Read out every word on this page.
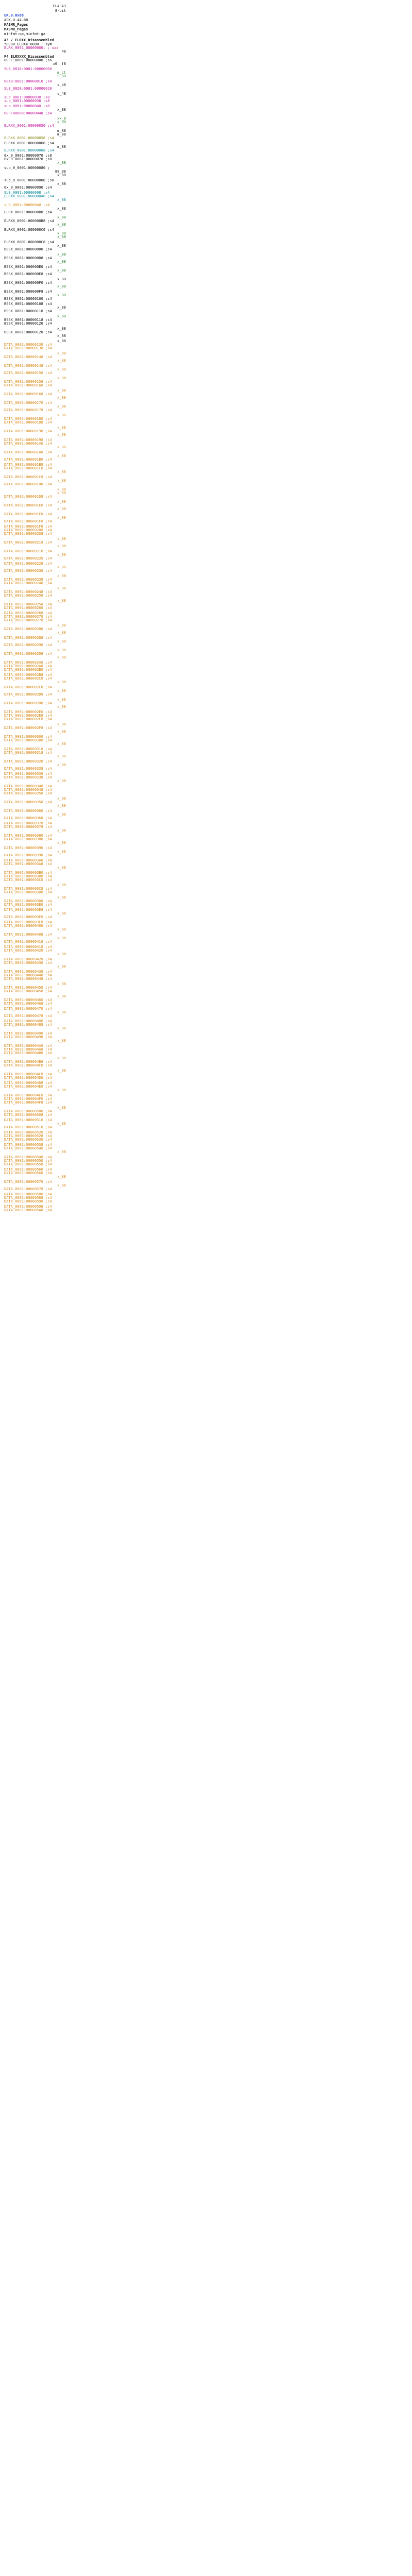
ELA-A3
8-bit
EK.0.0x88
ACK.U.44.88
MASMR_Pages
MASMR_Pages
minfmt:op,minfmt:ga
A3 / ELRXX_Disassembled
*0000_ELRXX:0000 ; sym
ELRX_0001_00000000: ; xxx
48
F4 ELRXXXX_Disassembled
00FF:0001:00000000 ;s6
x0  f8
SUB_0010:0001:00000000
m_ct
S_88
00A0:0001:00000010 ;s4
s_48
SUB_0020:0001:00000020
s_48
sub_0001:00000030 ;s8
sub_0001:00000038 ;s8
sub_0001:00000040 ;s8
x_88
00FF00000:00000048 ;s4
xx_8
x_88
ELRXX_0001:00000050 ;s4
m_88
m_88
ELRXX_0001:00000058 ;s4
ELRXX_0001:00000060 ;s4
m_88
ELRXX_0001:00000068 ;s4
0x_0_0001:00000070 ;s8
0x_0_0001:00000078 ;s8
x_88
sub_0_0001:00000080 ;
88_88
x_88
sub_0_0001:00000088 ;s8
x_88
0x_0_0001:00000090 ;s4
SUB_0001:00000098 ;s4
ELRXX_0001:000000A0 ;s4
x_88
s_0_0001:000000A8 ;s4
x_88
ELRX_0001:000000B0 ;s4
x_88
ELRXX_0001:000000B8 ;s4
x_88
ELRXX_0001:000000C0 ;s4
x_88
x_88
ELRXX_0001:000000C8 ;s4
x_88
BSSX_0001:000000D0 ;s4
x_88
BSSX_0001:000000D8 ;s4
x_88
BSSX_0001:000000E0 ;s4
x_88
BSSX_0001:000000E8 ;s4
x_88
BSSX_0001:000000F0 ;s4
x_88
BSSX_0001:000000F8 ;s4
x_88
BSSX_0001:00000100 ;s4
BSSX_0001:00000108 ;s4
x_88
BSSX_0001:00000110 ;s4
x_88
BSSX_0001:00000118 ;s4
BSSX_0001:00000120 ;s4
x_88
BSSX_0001:00000128 ;s4
x_88
x_88
DATA_0001:00000130 ;s4
DATA_0001:00000138 ;s4
x_88
DATA_0001:00000140 ;s4
x_88
DATA_0001:00000148 ;s4
x_88
DATA_0001:00000150 ;s4
x_88
DATA_0001:00000158 ;s4
DATA_0001:00000160 ;s4
x_88
DATA_0001:00000168 ;s4
x_88
DATA_0001:00000170 ;s4
x_88
DATA_0001:00000178 ;s4
x_88
DATA_0001:00000180 ;s4
DATA_0001:00000188 ;s4
x_88
DATA_0001:00000190 ;s4
x_88
DATA_0001:00000198 ;s4
DATA_0001:000001A0 ;s4
x_88
DATA_0001:000001A8 ;s4
x_88
DATA_0001:000001B0 ;s4
DATA_0001:000001B8 ;s4
DATA_0001:000001C0 ;s4
x_88
DATA_0001:000001C8 ;s4
x_88
DATA_0001:000001D0 ;s4
x_88
x_88
DATA_0001:000001D8 ;s4
x_88
DATA_0001:000001E0 ;s4
x_88
DATA_0001:000001E8 ;s4
x_88
DATA_0001:000001F0 ;s4
DATA_0001:000001F8 ;s4
DATA_0001:00000200 ;s4
DATA_0001:00000208 ;s4
x_88
DATA_0001:00000210 ;s4
x_88
DATA_0001:00000218 ;s4
x_88
DATA_0001:00000220 ;s4
DATA_0001:00000228 ;s4
x_88
DATA_0001:00000230 ;s4
x_88
DATA_0001:00000238 ;s4
DATA_0001:00000240 ;s4
x_88
DATA_0001:00000248 ;s4
DATA_0001:00000250 ;s4
x_88
DATA_0001:00000258 ;s4
DATA_0001:00000260 ;s4
DATA_0001:00000268 ;s4
DATA_0001:00000270 ;s4
DATA_0001:00000278 ;s4
x_88
DATA_0001:00000280 ;s4
x_88
DATA_0001:00000288 ;s4
x_88
DATA_0001:00000290 ;s4
x_88
DATA_0001:00000298 ;s4
x_88
DATA_0001:000002A0 ;s4
DATA_0001:000002A8 ;s4
DATA_0001:000002B0 ;s4
DATA_0001:000002B8 ;s4
DATA_0001:000002C0 ;s4
x_88
DATA_0001:000002C8 ;s4
x_88
DATA_0001:000002D0 ;s4
x_88
DATA_0001:000002D8 ;s4
x_88
DATA_0001:000002E0 ;s4
DATA_0001:000002E8 ;s4
DATA_0001:000002F0 ;s4
x_88
DATA_0001:000002F8 ;s4
x_88
DATA_0001:00000300 ;s4
DATA_0001:00000308 ;s4
x_88
DATA_0001:00000310 ;s4
DATA_0001:00000318 ;s4
x_88
DATA_0001:00000320 ;s4
x_88
DATA_0001:00000328 ;s4
DATA_0001:00000330 ;s4
DATA_0001:00000338 ;s4
x_88
DATA_0001:00000340 ;s4
DATA_0001:00000348 ;s4
DATA_0001:00000350 ;s4
x_88
DATA_0001:00000358 ;s4
x_88
DATA_0001:00000360 ;s4
x_88
DATA_0001:00000368 ;s4
DATA_0001:00000370 ;s4
DATA_0001:00000378 ;s4
x_88
DATA_0001:00000380 ;s4
DATA_0001:00000388 ;s4
x_88
DATA_0001:00000390 ;s4
x_88
DATA_0001:00000398 ;s4
DATA_0001:000003A0 ;s4
DATA_0001:000003A8 ;s4
x_88
DATA_0001:000003B0 ;s4
DATA_0001:000003B8 ;s4
DATA_0001:000003C0 ;s4
x_88
DATA_0001:000003C8 ;s4
DATA_0001:000003D0 ;s4
x_88
DATA_0001:000003D8 ;s4
DATA_0001:000003E0 ;s4
DATA_0001:000003E8 ;s4
x_88
DATA_0001:000003F0 ;s4
DATA_0001:000003F8 ;s4
DATA_0001:00000400 ;s4
x_88
DATA_0001:00000408 ;s4
x_88
DATA_0001:00000410 ;s4
DATA_0001:00000418 ;s4
DATA_0001:00000420 ;s4
x_88
DATA_0001:00000428 ;s4
DATA_0001:00000430 ;s4
x_88
DATA_0001:00000438 ;s4
DATA_0001:00000440 ;s4
DATA_0001:00000448 ;s4
x_88
DATA_0001:00000450 ;s4
DATA_0001:00000458 ;s4
x_88
DATA_0001:00000460 ;s4
DATA_0001:00000468 ;s4
DATA_0001:00000470 ;s4
x_88
DATA_0001:00000478 ;s4
DATA_0001:00000480 ;s4
DATA_0001:00000488 ;s4
x_88
DATA_0001:00000490 ;s4
DATA_0001:00000498 ;s4
x_88
DATA_0001:000004A0 ;s4
DATA_0001:000004A8 ;s4
DATA_0001:000004B0 ;s4
x_88
DATA_0001:000004B8 ;s4
DATA_0001:000004C0 ;s4
x_88
DATA_0001:000004C8 ;s4
DATA_0001:000004D0 ;s4
DATA_0001:000004D8 ;s4
DATA_0001:000004E0 ;s4
x_88
DATA_0001:000004E8 ;s4
DATA_0001:000004F0 ;s4
DATA_0001:000004F8 ;s4
x_88
DATA_0001:00000500 ;s4
DATA_0001:00000508 ;s4
DATA_0001:00000510 ;s4
x_88
DATA_0001:00000518 ;s4
DATA_0001:00000520 ;s4
DATA_0001:00000528 ;s4
DATA_0001:00000530 ;s4
DATA_0001:00000538 ;s4
DATA_0001:00000540 ;s4
x_88
DATA_0001:00000548 ;s4
DATA_0001:00000550 ;s4
DATA_0001:00000558 ;s4
DATA_0001:00000560 ;s4
DATA_0001:00000568 ;s4
x_88
DATA_0001:00000570 ;s4
x_88
DATA_0001:00000578 ;s4
DATA_0001:00000580 ;s4
DATA_0001:00000588 ;s4
DATA_0001:00000590 ;s4
DATA_0001:00000598 ;s4
DATA_0001:000005A0 ;s4
